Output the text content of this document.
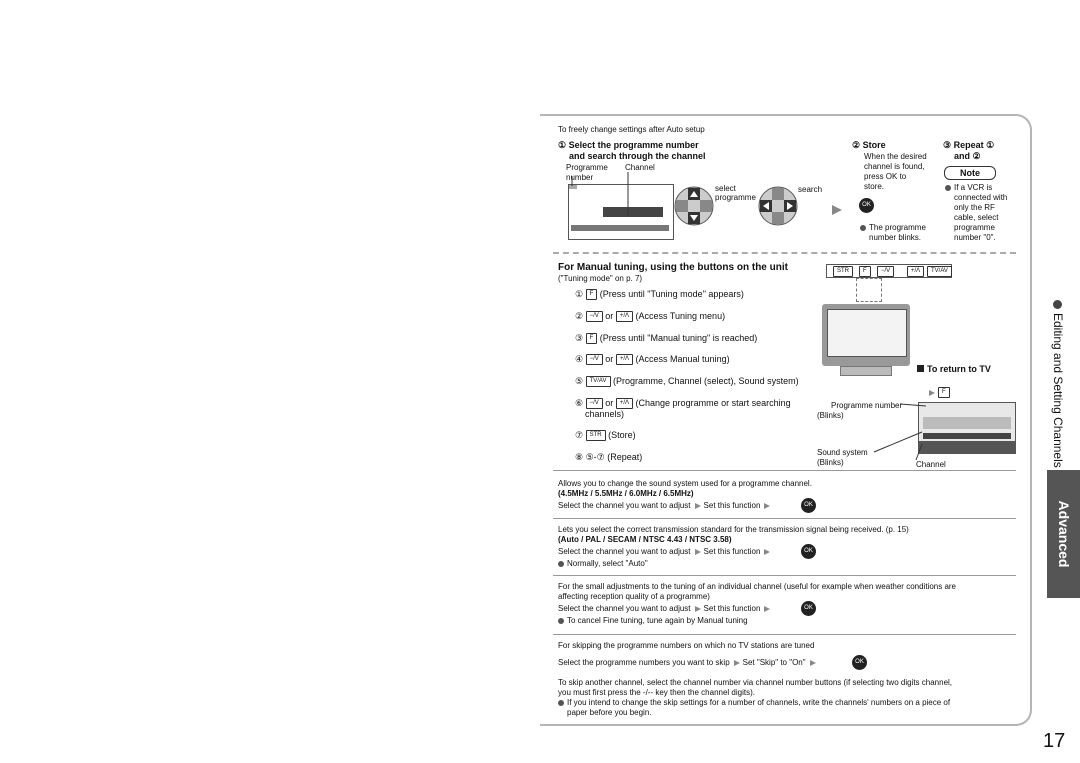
To freely change settings after Auto setup
① Select the programme number
and search through the channel
Programme
number
Channel
select
programme
search
② Store
When the desired
channel is found,
press OK to
store.
OK
The programme
number blinks.
③ Repeat ①
and ②
Note
If a VCR is
connected with
only the RF
cable, select
programme
number "0".
For Manual tuning, using the buttons on the unit
("Tuning mode" on p. 7)
① F (Press until "Tuning mode" appears)
② −/V or +/Λ (Access Tuning menu)
③ F (Press until "Manual tuning" is reached)
④ −/V or +/Λ (Access Manual tuning)
⑤ TV/AV (Programme, Channel (select), Sound system)
⑥ −/V or +/Λ (Change programme or start searching
channels)
⑦ STR (Store)
⑧ ⑤-⑦ (Repeat)
STR	F	−/V	+/Λ	TV/AV
To return to TV
F
Programme number
(Blinks)
Sound system
(Blinks)	Channel
Allows you to change the sound system used for a programme channel.
(4.5MHz / 5.5MHz / 6.0MHz / 6.5MHz)
Select the channel you want to adjust Set this function	OK
Lets you select the correct transmission standard for the transmission signal being received. (p. 15)
(Auto / PAL / SECAM / NTSC 4.43 / NTSC 3.58)
Select the channel you want to adjust Set this function	OK
Normally, select "Auto"
For the small adjustments to the tuning of an individual channel (useful for example when weather conditions are
affecting reception quality of a programme)
Select the channel you want to adjust Set this function	OK
To cancel Fine tuning, tune again by Manual tuning
For skipping the programme numbers on which no TV stations are tuned
Select the programme numbers you want to skip Set "Skip" to "On"	OK
To skip another channel, select the channel number via channel number buttons (if selecting two digits channel,
you must first press the -/-- key then the channel digits).
If you intend to change the skip settings for a number of channels, write the channels' numbers on a piece of
paper before you begin.
Editing and Setting Channels
Advanced
17
